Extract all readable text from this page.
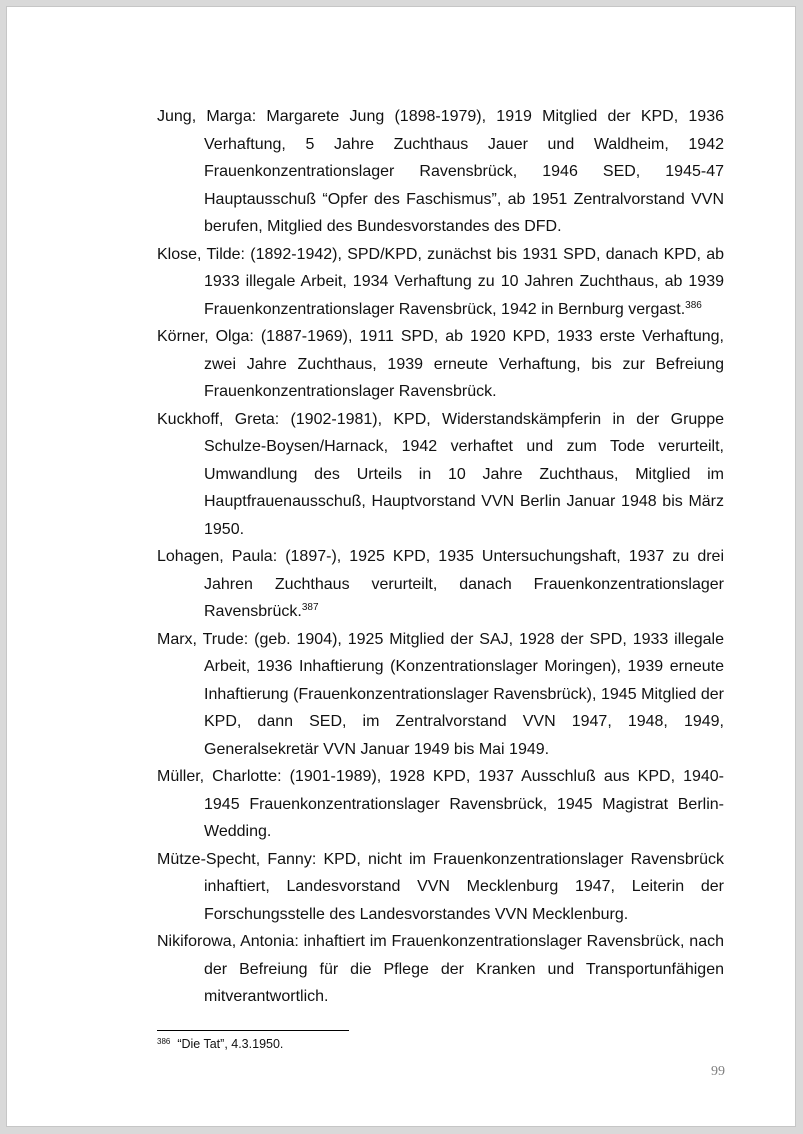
Jung, Marga: Margarete Jung (1898-1979), 1919 Mitglied der KPD, 1936 Verhaftung, 5 Jahre Zuchthaus Jauer und Waldheim, 1942 Frauenkonzentrationslager Ravensbrück, 1946 SED, 1945-47 Hauptausschuß “Opfer des Faschismus”, ab 1951 Zentralvorstand VVN berufen, Mitglied des Bundesvorstandes des DFD.

Klose, Tilde: (1892-1942), SPD/KPD, zunächst bis 1931 SPD, danach KPD, ab 1933 illegale Arbeit, 1934 Verhaftung zu 10 Jahren Zuchthaus, ab 1939 Frauenkonzentrationslager Ravensbrück, 1942 in Bernburg vergast.$^{386}$

Körner, Olga: (1887-1969), 1911 SPD, ab 1920 KPD, 1933 erste Verhaftung, zwei Jahre Zuchthaus, 1939 erneute Verhaftung, bis zur Befreiung Frauenkonzentrationslager Ravensbrück.

Kuckhoff, Greta: (1902-1981), KPD, Widerstandskämpferin in der Gruppe Schulze-Boysen/Harnack, 1942 verhaftet und zum Tode verurteilt, Umwandlung des Urteils in 10 Jahre Zuchthaus, Mitglied im Hauptfrauenausschuß, Hauptvorstand VVN Berlin Januar 1948 bis März 1950.

Lohagen, Paula: (1897-), 1925 KPD, 1935 Untersuchungshaft, 1937 zu drei Jahren Zuchthaus verurteilt, danach Frauenkonzentrationslager Ravensbrück.$^{387}$

Marx, Trude: (geb. 1904), 1925 Mitglied der SAJ, 1928 der SPD, 1933 illegale Arbeit, 1936 Inhaftierung (Konzentrationslager Moringen), 1939 erneute Inhaftierung (Frauenkonzentrationslager Ravensbrück), 1945 Mitglied der KPD, dann SED, im Zentralvorstand VVN 1947, 1948, 1949, Generalsekretär VVN Januar 1949 bis Mai 1949.

Müller, Charlotte: (1901-1989), 1928 KPD, 1937 Ausschluß aus KPD, 1940-1945 Frauenkonzentrationslager Ravensbrück, 1945 Magistrat Berlin-Wedding.

Mütze-Specht, Fanny: KPD, nicht im Frauenkonzentrationslager Ravensbrück inhaftiert, Landesvorstand VVN Mecklenburg 1947, Leiterin der Forschungsstelle des Landesvorstandes VVN Mecklenburg.

Nikiforowa, Antonia: inhaftiert im Frauenkonzentrationslager Ravensbrück, nach der Befreiung für die Pflege der Kranken und Transportunfähigen mitverantwortlich.

$^{386}$ “Die Tat”, 4.3.1950.
99
